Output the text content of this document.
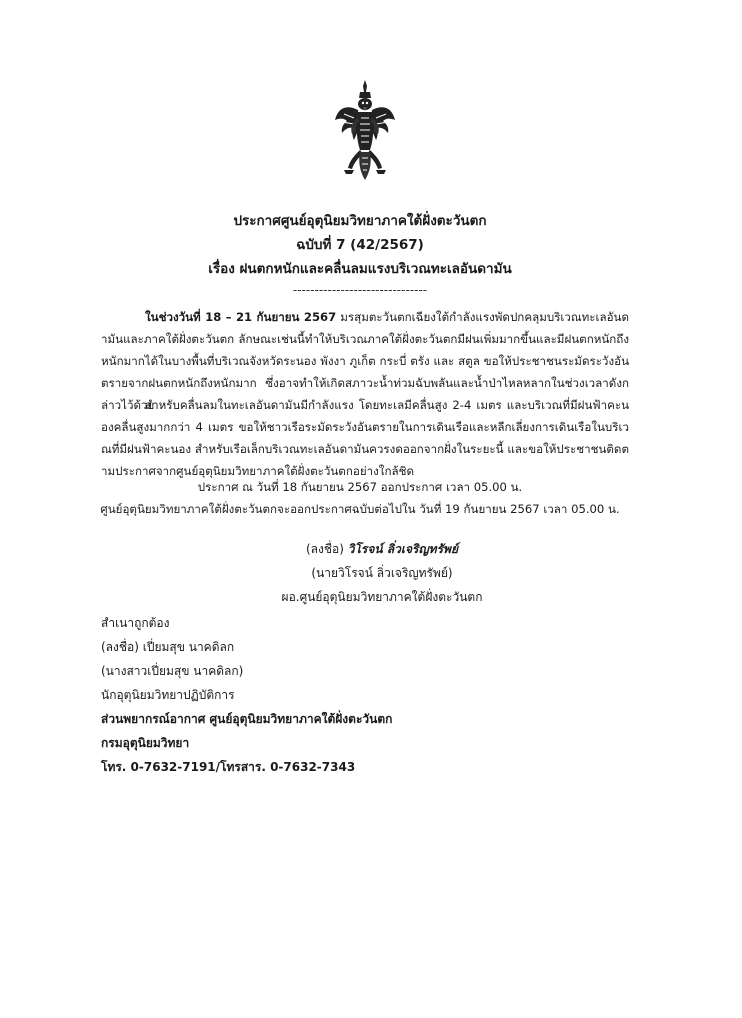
ประกาศศูนย์อุตุนิยมวิทยาภาคใต้ฝั่งตะวันตก
ฉบับที่ 7 (42/2567)
เรื่อง ฝนตกหนักและคลื่นลมแรงบริเวณทะเลอันดามัน
-------------------------------
ในช่วงวันที่ 18 – 21 กันยายน 2567 มรสุมตะวันตกเฉียงใต้กำลังแรงพัดปกคลุมบริเวณทะเลอันดามันและภาคใต้ฝั่งตะวันตก ลักษณะเช่นนี้ทำให้บริเวณภาคใต้ฝั่งตะวันตกมีฝนเพิ่มมากขึ้นและมีฝนตกหนักถึงหนักมากได้ในบางพื้นที่บริเวณจังหวัดระนอง พังงา ภูเก็ต กระบี่ ตรัง และ สตูล ขอให้ประชาชนระมัดระวังอันตรายจากฝนตกหนักถึงหนักมาก ซึ่งอาจทำให้เกิดสภาวะน้ำท่วมฉับพลันและน้ำป่าไหลหลากในช่วงเวลาดังกล่าวไว้ด้วย
สำหรับคลื่นลมในทะเลอันดามันมีกำลังแรง โดยทะเลมีคลื่นสูง 2-4 เมตร และบริเวณที่มีฝนฟ้าคะนองคลื่นสูงมากกว่า 4 เมตร ขอให้ชาวเรือระมัดระวังอันตรายในการเดินเรือและหลีกเลี่ยงการเดินเรือในบริเวณที่มีฝนฟ้าคะนอง สำหรับเรือเล็กบริเวณทะเลอันดามันควรงดออกจากฝั่งในระยะนี้ และขอให้ประชาชนติดตามประกาศจากศูนย์อุตุนิยมวิทยาภาคใต้ฝั่งตะวันตกอย่างใกล้ชิด
ประกาศ ณ วันที่ 18 กันยายน 2567 ออกประกาศ เวลา 05.00 น.
ศูนย์อุตุนิยมวิทยาภาคใต้ฝั่งตะวันตกจะออกประกาศฉบับต่อไปใน วันที่ 19 กันยายน 2567 เวลา 05.00 น.
(ลงชื่อ) วิโรจน์ ลิ่วเจริญทรัพย์
(นายวิโรจน์ ลิ่วเจริญทรัพย์)
ผอ.ศูนย์อุตุนิยมวิทยาภาคใต้ฝั่งตะวันตก
สำเนาถูกต้อง
(ลงชื่อ) เปี่ยมสุข นาคดิลก
(นางสาวเปี่ยมสุข นาคดิลก)
นักอุตุนิยมวิทยาปฏิบัติการ
ส่วนพยากรณ์อากาศ ศูนย์อุตุนิยมวิทยาภาคใต้ฝั่งตะวันตก
กรมอุตุนิยมวิทยา
โทร. 0-7632-7191/โทรสาร. 0-7632-7343
